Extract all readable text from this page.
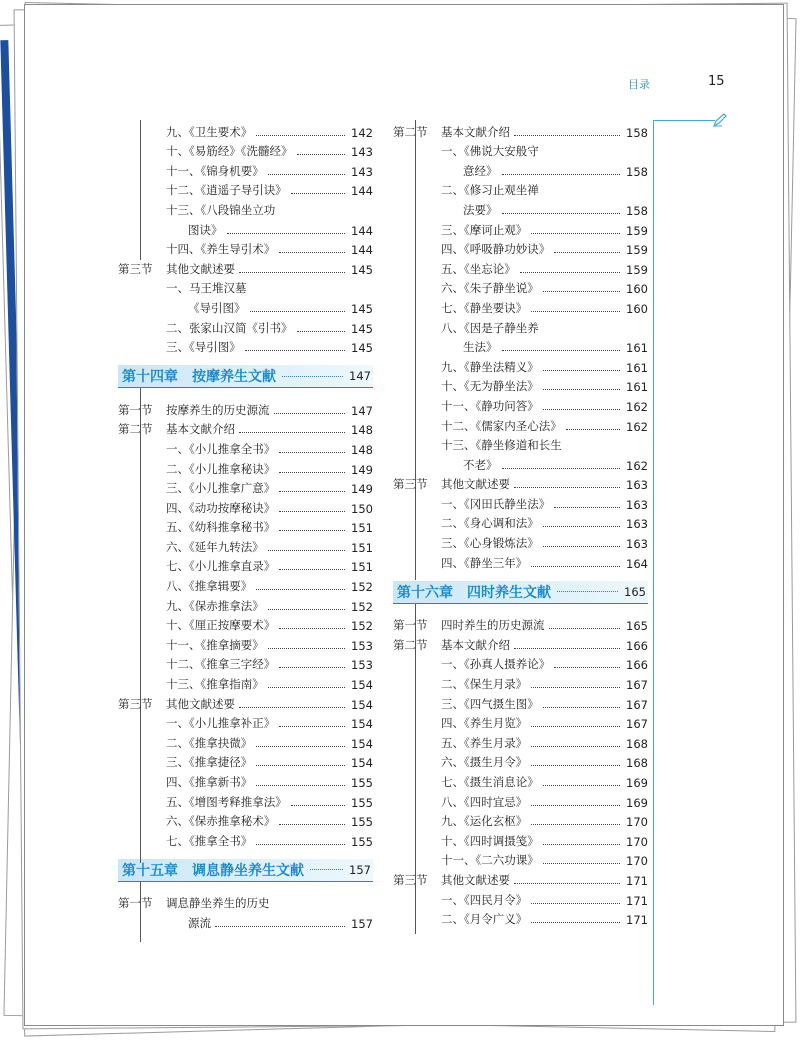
目录	15
九、《卫生要术》	142
十、《易筋经》《洗髓经》	143
十一、《锦身机要》	143
十二、《逍遥子导引诀》	144
十三、《八段锦坐立功
图诀》	144
十四、《养生导引术》	144
第三节	其他文献述要	145
一、马王堆汉墓
《导引图》	145
二、张家山汉简《引书》	145
三、《导引图》	145
第十四章 按摩养生文献	147
第一节	按摩养生的历史源流	147
第二节	基本文献介绍	148
一、《小儿推拿全书》	148
二、《小儿推拿秘诀》	149
三、《小儿推拿广意》	149
四、《动功按摩秘诀》	150
五、《幼科推拿秘书》	151
六、《延年九转法》	151
七、《小儿推拿直录》	151
八、《推拿辑要》	152
九、《保赤推拿法》	152
十、《厘正按摩要术》	152
十一、《推拿摘要》	153
十二、《推拿三字经》	153
十三、《推拿指南》	154
第三节	其他文献述要	154
一、《小儿推拿补正》	154
二、《推拿抉微》	154
三、《推拿捷径》	154
四、《推拿新书》	155
五、《增图考释推拿法》	155
六、《保赤推拿秘术》	155
七、《推拿全书》	155
第十五章 调息静坐养生文献	157
第一节	调息静坐养生的历史
源流	157
第二节	基本文献介绍	158
一、《佛说大安般守
意经》	158
二、《修习止观坐禅
法要》	158
三、《摩诃止观》	159
四、《呼吸静功妙诀》	159
五、《坐忘论》	159
六、《朱子静坐说》	160
七、《静坐要诀》	160
八、《因是子静坐养
生法》	161
九、《静坐法精义》	161
十、《无为静坐法》	161
十一、《静功问答》	162
十二、《儒家内圣心法》	162
十三、《静坐修道和长生
不老》	162
第三节	其他文献述要	163
一、《冈田氏静坐法》	163
二、《身心调和法》	163
三、《心身锻炼法》	163
四、《静坐三年》	164
第十六章 四时养生文献	165
第一节	四时养生的历史源流	165
第二节	基本文献介绍	166
一、《孙真人摄养论》	166
二、《保生月录》	167
三、《四气摄生图》	167
四、《养生月览》	167
五、《养生月录》	168
六、《摄生月令》	168
七、《摄生消息论》	169
八、《四时宜忌》	169
九、《运化玄枢》	170
十、《四时调摄笺》	170
十一、《二六功课》	170
第三节	其他文献述要	171
一、《四民月令》	171
二、《月令广义》	171
